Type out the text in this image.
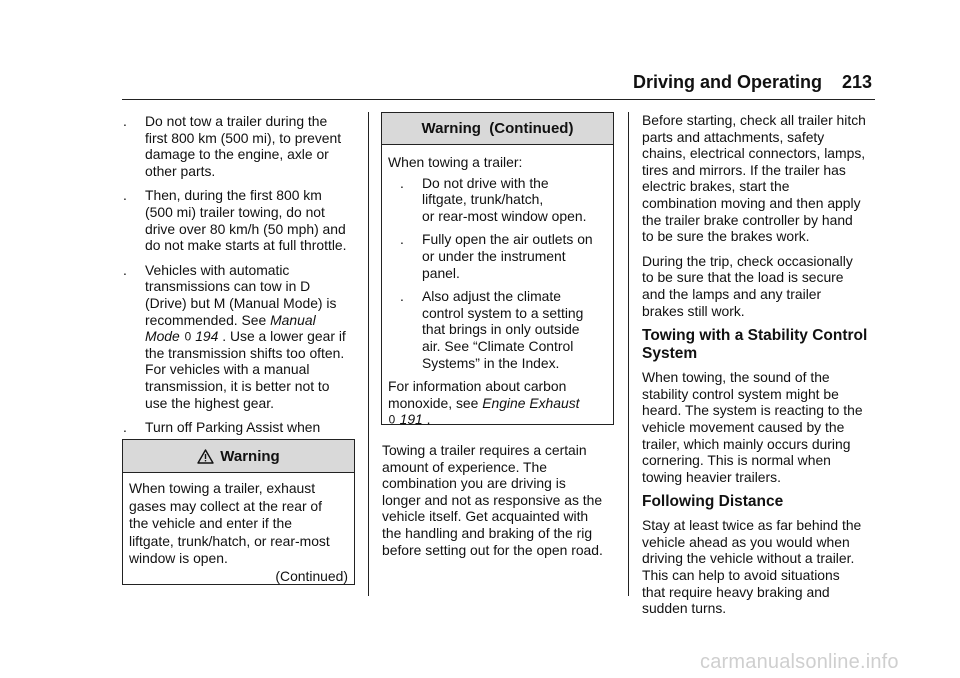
Driving and Operating 213
. Do not tow a trailer during the
first 800 km (500 mi), to prevent
damage to the engine, axle or
other parts.
. Then, during the first 800 km
(500 mi) trailer towing, do not
drive over 80 km/h (50 mph) and
do not make starts at full throttle.
. Vehicles with automatic
transmissions can tow in D
(Drive) but M (Manual Mode) is
recommended. See Manual
Mode 0 194 . Use a lower gear if
the transmission shifts too often.
For vehicles with a manual
transmission, it is better not to
use the highest gear.
. Turn off Parking Assist when
Warning
When towing a trailer, exhaust
gases may collect at the rear of
the vehicle and enter if the
liftgate, trunk/hatch, or rear-most
window is open.
(Continued)
Warning  (Continued)
When towing a trailer:
. Do not drive with the
liftgate, trunk/hatch,
or rear-most window open.
. Fully open the air outlets on
or under the instrument
panel.
. Also adjust the climate
control system to a setting
that brings in only outside
air. See “Climate Control
Systems” in the Index.
For information about carbon
monoxide, see Engine Exhaust
0 191 .
Towing a trailer requires a certain
amount of experience. The
combination you are driving is
longer and not as responsive as the
vehicle itself. Get acquainted with
the handling and braking of the rig
before setting out for the open road.
Before starting, check all trailer hitch
parts and attachments, safety
chains, electrical connectors, lamps,
tires and mirrors. If the trailer has
electric brakes, start the
combination moving and then apply
the trailer brake controller by hand
to be sure the brakes work.
During the trip, check occasionally
to be sure that the load is secure
and the lamps and any trailer
brakes still work.
Towing with a Stability Control
System
When towing, the sound of the
stability control system might be
heard. The system is reacting to the
vehicle movement caused by the
trailer, which mainly occurs during
cornering. This is normal when
towing heavier trailers.
Following Distance
Stay at least twice as far behind the
vehicle ahead as you would when
driving the vehicle without a trailer.
This can help to avoid situations
that require heavy braking and
sudden turns.
carmanualsonline.info
